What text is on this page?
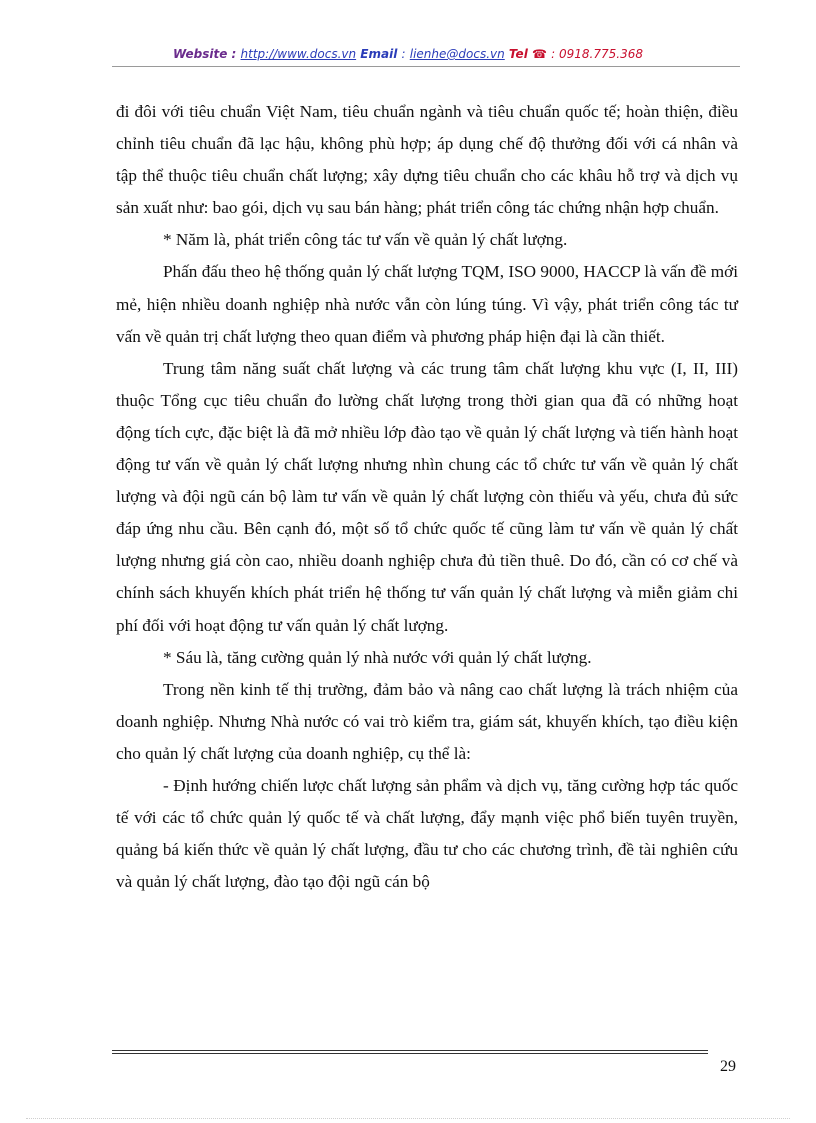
Website : http://www.docs.vn Email : lienhe@docs.vn Tel ☎ : 0918.775.368

đi đôi với tiêu chuẩn Việt Nam, tiêu chuẩn ngành và tiêu chuẩn quốc tế; hoàn thiện, điều chỉnh tiêu chuẩn đã lạc hậu, không phù hợp; áp dụng chế độ thưởng đối với cá nhân và tập thể thuộc tiêu chuẩn chất lượng; xây dựng tiêu chuẩn cho các khâu hỗ trợ và dịch vụ sản xuất như: bao gói, dịch vụ sau bán hàng; phát triển công tác chứng nhận hợp chuẩn.

* Năm là, phát triển công tác tư vấn về quản lý chất lượng.

Phấn đấu theo hệ thống quản lý chất lượng TQM, ISO 9000, HACCP là vấn đề mới mẻ, hiện nhiều doanh nghiệp nhà nước vẫn còn lúng túng. Vì vậy, phát triển công tác tư vấn về quản trị chất lượng theo quan điểm và phương pháp hiện đại là cần thiết.

Trung tâm năng suất chất lượng và các trung tâm chất lượng khu vực (I, II, III) thuộc Tổng cục tiêu chuẩn đo lường chất lượng trong thời gian qua đã có những hoạt động tích cực, đặc biệt là đã mở nhiều lớp đào tạo về quản lý chất lượng và tiến hành hoạt động tư vấn về quản lý chất lượng nhưng nhìn chung các tổ chức tư vấn về quản lý chất lượng và đội ngũ cán bộ làm tư vấn về quản lý chất lượng còn thiếu và yếu, chưa đủ sức đáp ứng nhu cầu. Bên cạnh đó, một số tổ chức quốc tế cũng làm tư vấn về quản lý chất lượng nhưng giá còn cao, nhiều doanh nghiệp chưa đủ tiền thuê. Do đó, cần có cơ chế và chính sách khuyến khích phát triển hệ thống tư vấn quản lý chất lượng và miễn giảm chi phí đối với hoạt động tư vấn quản lý chất lượng.

* Sáu là, tăng cường quản lý nhà nước với quản lý chất lượng.

Trong nền kinh tế thị trường, đảm bảo và nâng cao chất lượng là trách nhiệm của doanh nghiệp. Nhưng Nhà nước có vai trò kiểm tra, giám sát, khuyến khích, tạo điều kiện cho quản lý chất lượng của doanh nghiệp, cụ thể là:

- Định hướng chiến lược chất lượng sản phẩm và dịch vụ, tăng cường hợp tác quốc tế với các tổ chức quản lý quốc tế và chất lượng, đẩy mạnh việc phổ biến tuyên truyền, quảng bá kiến thức về quản lý chất lượng, đầu tư cho các chương trình, đề tài nghiên cứu và quản lý chất lượng, đào tạo đội ngũ cán bộ

29
